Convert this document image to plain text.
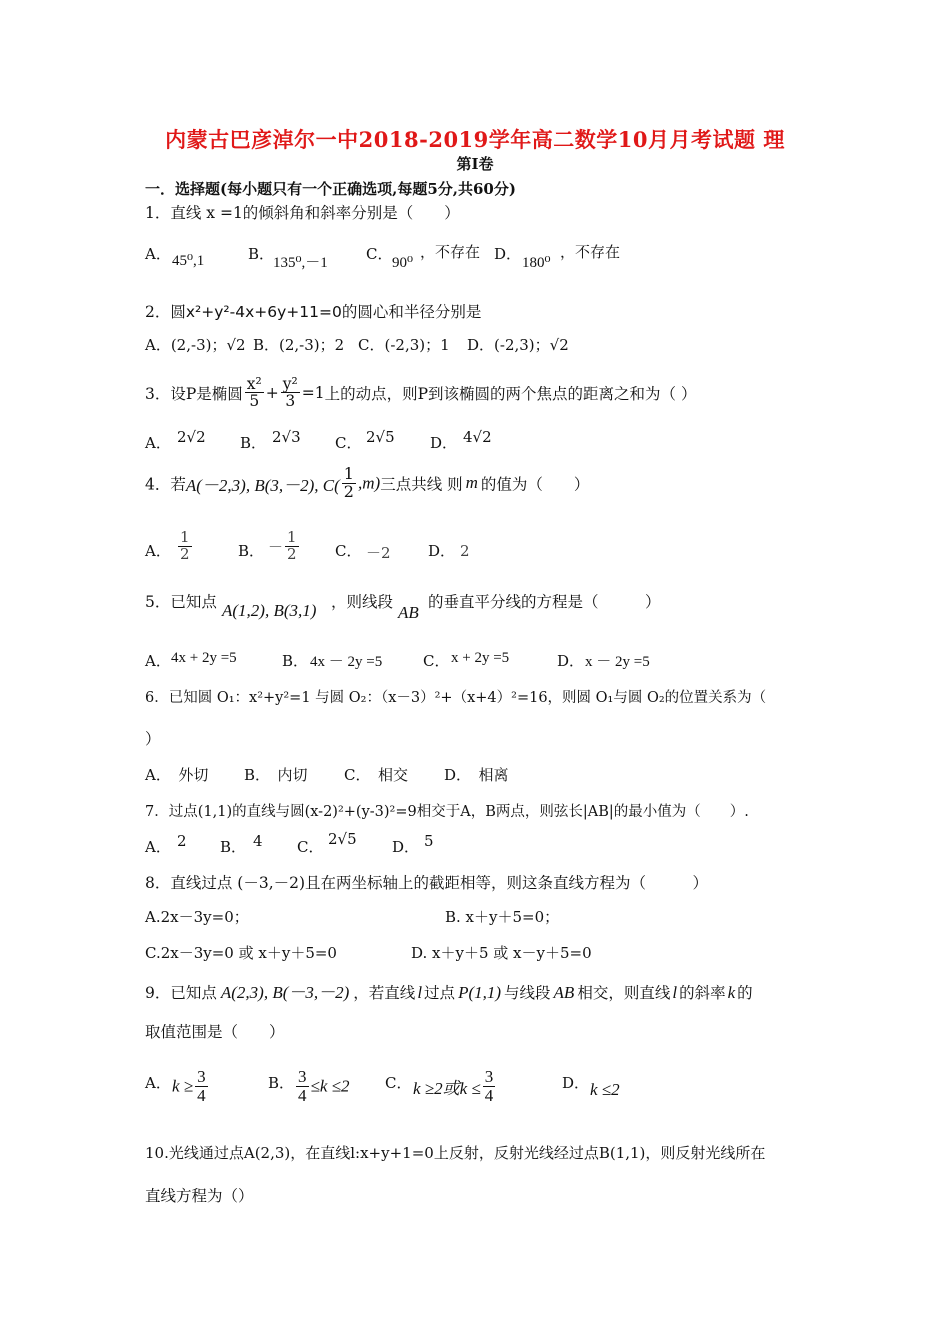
内蒙古巴彦淖尔一中2018-2019学年高二数学10月月考试题 理
第Ⅰ卷
一．选择题(每小题只有一个正确选项,每题5分,共60分)
1．直线 x =1的倾斜角和斜率分别是（　　）
A． 45⁰,1	B．
135⁰,－1	C． 90⁰
，不存在 D． 180⁰
，不存在
2．圆x²+y²-4x+6y+11=0的圆心和半径分别是
A．(2,-3)；√2 B．(2,-3)；2 C．(-2,3)；1 D．(-2,3)；√2
3．设P是椭圆 $\frac{\text{x²}}{5} + \frac{\text{y²}}{3} =1$上的动点，则P到该椭圆的两个焦点的距离之和为（ ）
A． 2√2 B． 2√3 C． 2√5 D． 4√2
4．若A(－2,3), B(3,－2), $C( \frac{1}{2} ,m)$三点共线 则 m 的值为（　　）
A． $\frac{1}{2}$	B． － $\frac{1}{2}$ C． －2 D． 2
5．已知点 A(1,2), B(3,1) ，则线段
AB
的垂直平分线的方程是（　　　）
A． 4x + 2y =5	B． 4x － 2y =5	C． x + 2y =5	D． x － 2y =5
6．已知圆 O₁：x²+y²=1 与圆 O₂：（x－3）²+（x+4）²=16，则圆 O₁与圆 O₂的位置关系为（
）
A．　外切 B．　内切 C．　相交 D．　相离
7．过点(1,1)的直线与圆(x-2)²+(y-3)²=9相交于A，B两点，则弦长|AB|的最小值为（　　）.
A． 2 B． 4 C． 2√5 D． 5
8．直线过点 (－3,－2)且在两坐标轴上的截距相等，则这条直线方程为（　　　）
A.2x－3y=0；	B. x＋y＋5=0；
C.2x－3y=0 或 x＋y＋5=0	D. x＋y＋5 或 x－y＋5=0
9．已知点 A(2,3), B(－3,－2) ，若直线 l 过点 P(1,1) 与线段 AB 相交，则直线 l 的斜率 k 的
取值范围是（　　）
A． $k \ge \frac{3}{4}$	B． $\frac{3}{4} \le k \le 2$ C． k ≥2或$k \le \frac{3}{4}$	D． k ≤2
10.光线通过点A(2,3)，在直线l:x+y+1=0上反射，反射光线经过点B(1,1)，则反射光线所在
直线方程为（）
